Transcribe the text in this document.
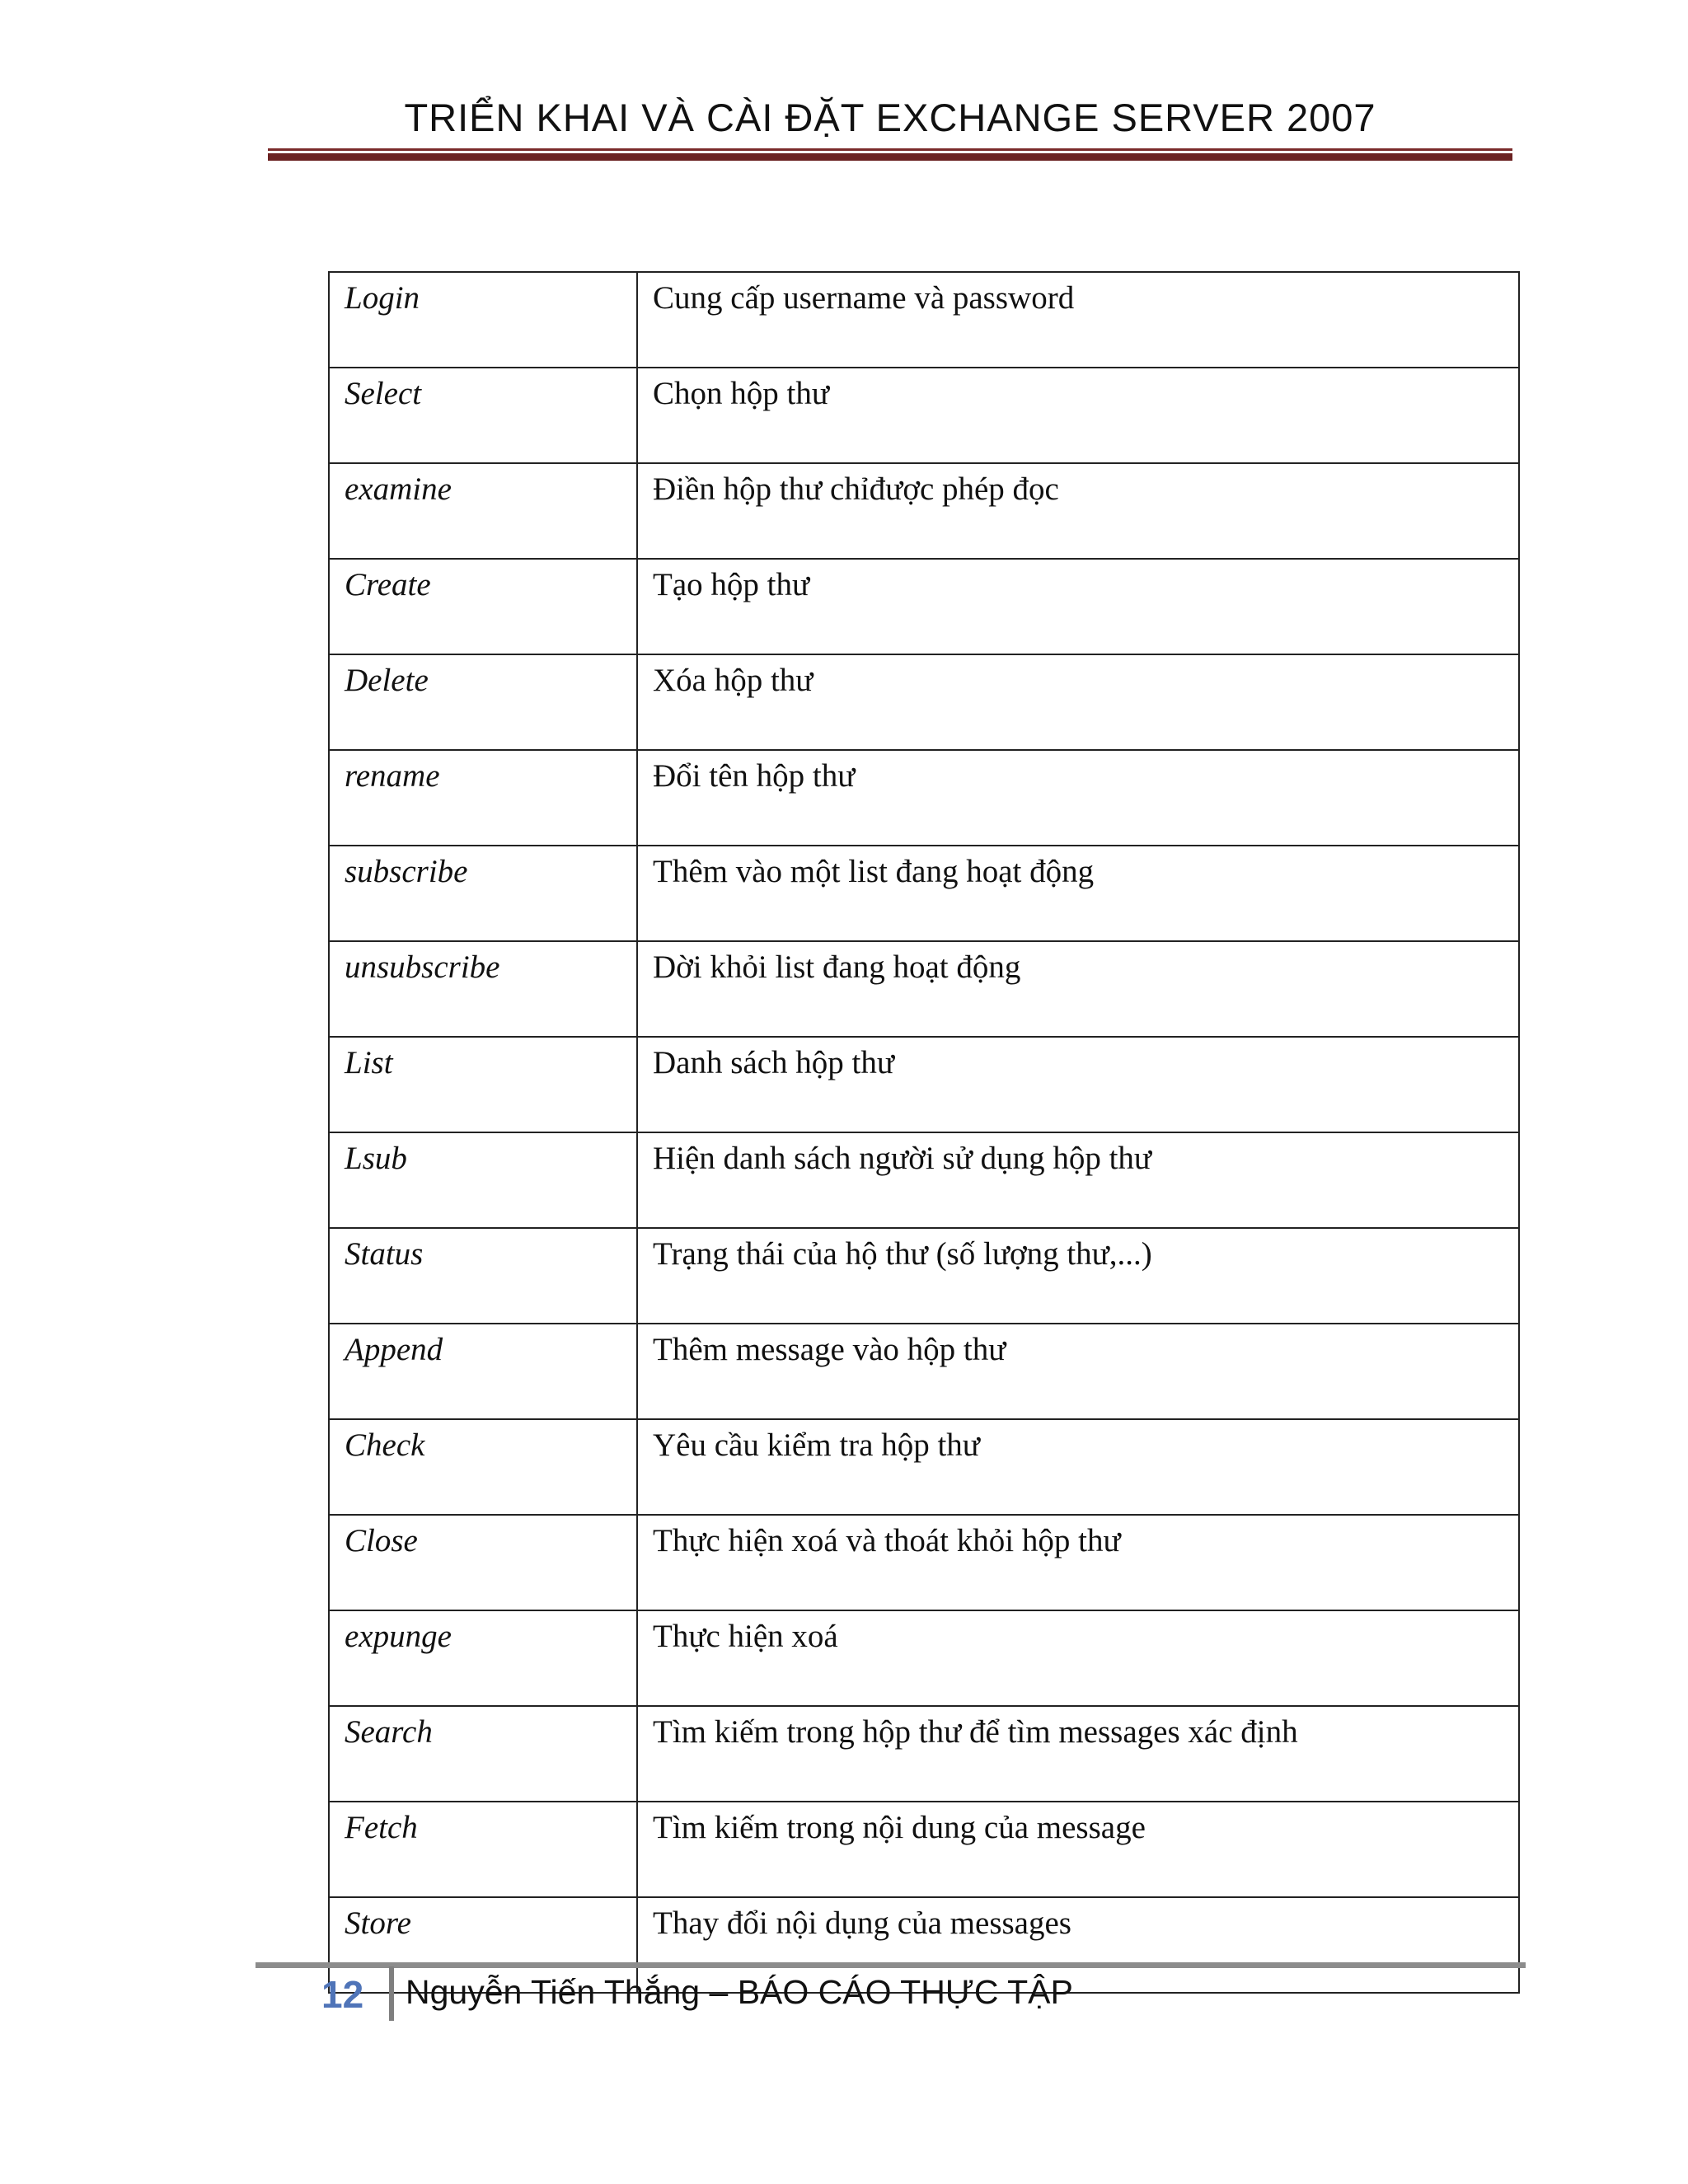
TRIỂN KHAI VÀ CÀI ĐẶT EXCHANGE SERVER 2007
Login	Cung cấp username và password
Select	Chọn hộp thư
examine	Điền hộp thư chỉđược phép đọc
Create	Tạo hộp thư
Delete	Xóa hộp thư
rename	Đổi tên hộp thư
subscribe	Thêm vào một list đang hoạt động
unsubscribe	Dời khỏi list đang hoạt động
List	Danh sách hộp thư
Lsub	Hiện danh sách người sử dụng hộp thư
Status	Trạng thái của hộ thư (số lượng thư,...)
Append	Thêm message vào hộp thư
Check	Yêu cầu kiểm tra hộp thư
Close	Thực hiện xoá và thoát khỏi hộp thư
expunge	Thực hiện xoá
Search	Tìm kiếm trong hộp thư để tìm messages xác định
Fetch	Tìm kiếm trong nội dung của message
Store	Thay đổi nội dụng của messages
12 Nguyễn Tiến Thắng – BÁO CÁO THỰC TẬP
